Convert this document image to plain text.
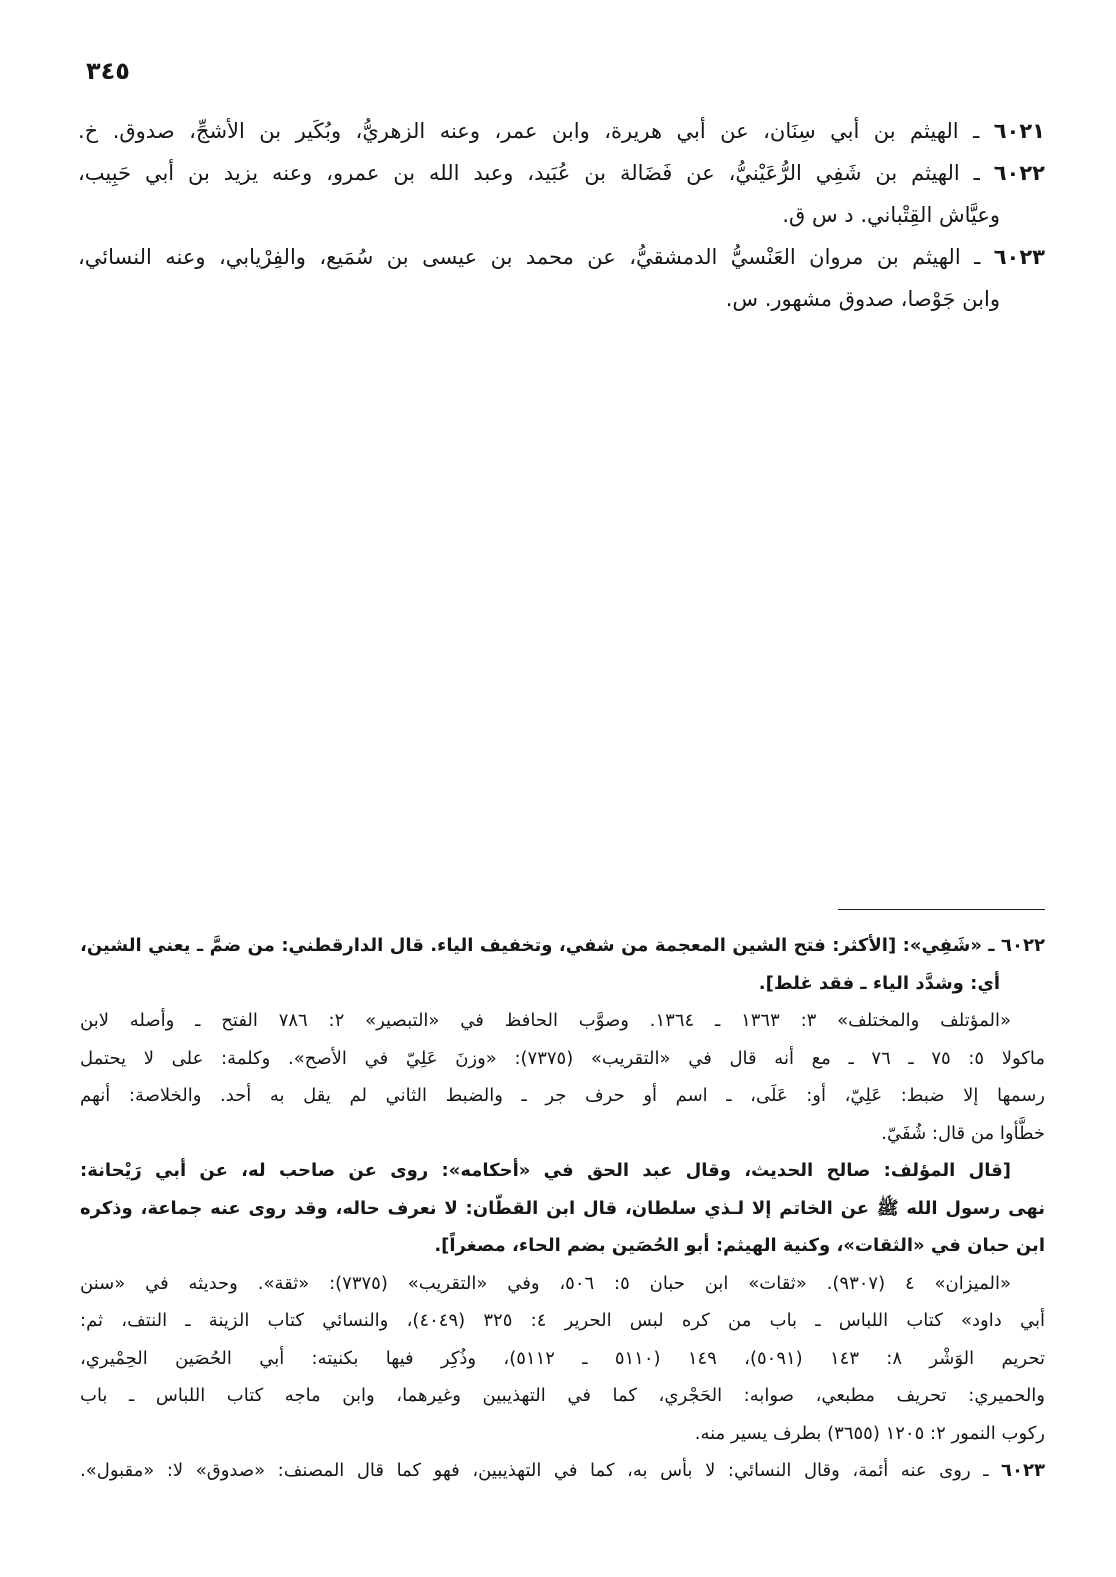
٣٤٥
٦٠٢١ ـ الهيثم بن أبي سِنَان، عن أبي هريرة، وابن عمر، وعنه الزهريُّ، وبُكَير بن الأشجِّ، صدوق. خ.
٦٠٢٢ ـ الهيثم بن شَفِي الرُّعَيْنيُّ، عن فَضَالة بن عُبَيد، وعبد الله بن عمرو، وعنه يزيد بن أبي حَبِيب،
وعيَّاش القِتْباني. د س ق.
٦٠٢٣ ـ الهيثم بن مروان العَنْسيُّ الدمشقيُّ، عن محمد بن عيسى بن سُمَيع، والفِرْيابي، وعنه النسائي،
وابن جَوْصا، صدوق مشهور. س.
٦٠٢٢ ـ «شَفِي»: [الأكثر: فتح الشين المعجمة من شفي، وتخفيف الياء. قال الدارقطني: من ضمَّ ـ يعني الشين،
أي: وشدَّد الياء ـ فقد غلط].
«المؤتلف والمختلف» ٣: ١٣٦٣ ـ ١٣٦٤. وصوَّب الحافظ في «التبصير» ٢: ٧٨٦ الفتح ـ وأصله لابن
ماكولا ٥: ٧٥ ـ ٧٦ ـ مع أنه قال في «التقريب» (٧٣٧٥): «وزنَ عَلِيّ في الأصح». وكلمة: على لا يحتمل
رسمها إلا ضبط: عَلِيّ، أو: عَلَى، ـ اسم أو حرف جر ـ والضبط الثاني لم يقل به أحد. والخلاصة: أنهم
خطَّأوا من قال: شُفَيّ.
[قال المؤلف: صالح الحديث، وقال عبد الحق في «أحكامه»: روى عن صاحب له، عن أبي رَيْحانة:
نهى رسول الله ﷺ عن الخاتم إلا لـذي سلطان، قال ابن القطّان: لا نعرف حاله، وقد روى عنه جماعة، وذكره
ابن حبان في «الثقات»، وكنية الهيثم: أبو الحُصَين بضم الحاء، مصغراً].
«الميزان» ٤ (٩٣٠٧). «ثقات» ابن حبان ٥: ٥٠٦، وفي «التقريب» (٧٣٧٥): «ثقة». وحديثه في «سنن
أبي داود» كتاب اللباس ـ باب من كره لبس الحرير ٤: ٣٢٥ (٤٠٤٩)، والنسائي كتاب الزينة ـ النتف، ثم:
تحريم الوَشْر ٨: ١٤٣ (٥٠٩١)، ١٤٩ (٥١١٠ ـ ٥١١٢)، وذُكِر فيها بكنيته: أبي الحُصَين الحِمْيري،
والحميري: تحريف مطبعي، صوابه: الحَجْري، كما في التهذيبين وغيرهما، وابن ماجه كتاب اللباس ـ باب
ركوب النمور ٢: ١٢٠٥ (٣٦٥٥) بطرف يسير منه.
٦٠٢٣ ـ روى عنه أئمة، وقال النسائي: لا بأس به، كما في التهذيبين، فهو كما قال المصنف: «صدوق» لا: «مقبول».
